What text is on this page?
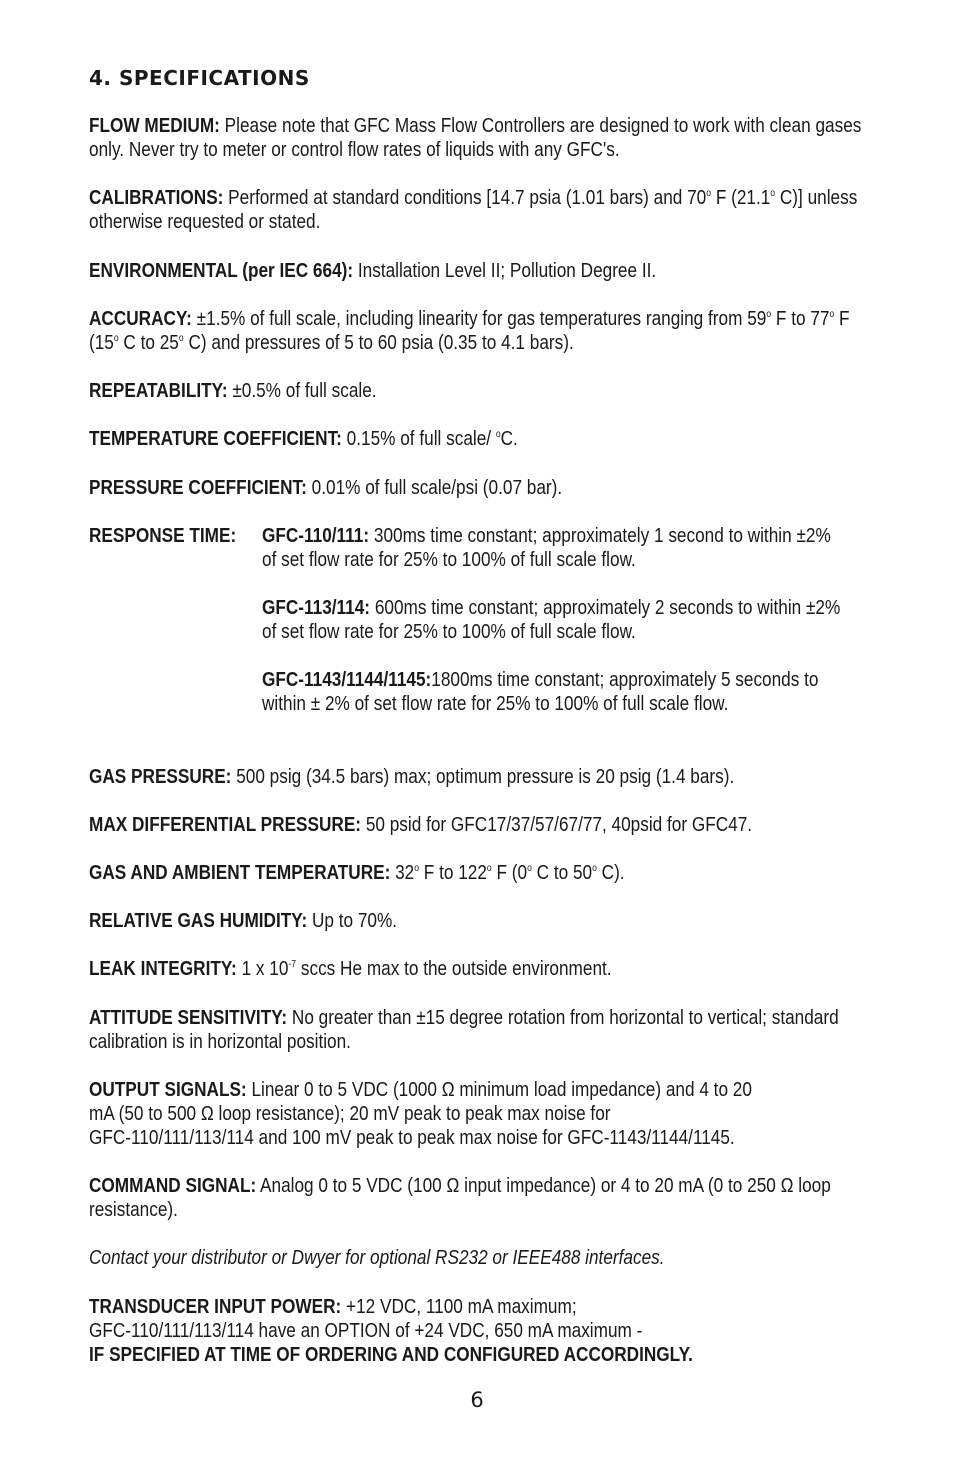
4. SPECIFICATIONS
FLOW MEDIUM: Please note that GFC Mass Flow Controllers are designed to work with clean gases only. Never try to meter or control flow rates of liquids with any GFC's.
CALIBRATIONS: Performed at standard conditions [14.7 psia (1.01 bars) and 70$^o$ F (21.1$^o$ C)] unless otherwise requested or stated.
ENVIRONMENTAL (per IEC 664): Installation Level II; Pollution Degree II.
ACCURACY: ±1.5% of full scale, including linearity for gas temperatures ranging from 59$^o$ F to 77$^o$ F (15$^o$ C to 25$^o$ C) and pressures of 5 to 60 psia (0.35 to 4.1 bars).
REPEATABILITY: ±0.5% of full scale.
TEMPERATURE COEFFICIENT: 0.15% of full scale/ $^o$C.
PRESSURE COEFFICIENT: 0.01% of full scale/psi (0.07 bar).
RESPONSE TIME: GFC-110/111: 300ms time constant; approximately 1 second to within ±2% of set flow rate for 25% to 100% of full scale flow.
GFC-113/114: 600ms time constant; approximately 2 seconds to within ±2% of set flow rate for 25% to 100% of full scale flow.
GFC-1143/1144/1145:1800ms time constant; approximately 5 seconds to within ± 2% of set flow rate for 25% to 100% of full scale flow.
GAS PRESSURE: 500 psig (34.5 bars) max; optimum pressure is 20 psig (1.4 bars).
MAX DIFFERENTIAL PRESSURE: 50 psid for GFC17/37/57/67/77, 40psid for GFC47.
GAS AND AMBIENT TEMPERATURE: 32$^o$ F to 122$^o$ F (0$^o$ C to 50$^o$ C).
RELATIVE GAS HUMIDITY: Up to 70%.
LEAK INTEGRITY: 1 x $10^{-7}$ sccs He max to the outside environment.
ATTITUDE SENSITIVITY: No greater than ±15 degree rotation from horizontal to vertical; standard calibration is in horizontal position.
OUTPUT SIGNALS: Linear 0 to 5 VDC (1000 Ω minimum load impedance) and 4 to 20
mA (50 to 500 Ω loop resistance); 20 mV peak to peak max noise for
GFC-110/111/113/114 and 100 mV peak to peak max noise for GFC-1143/1144/1145.
COMMAND SIGNAL: Analog 0 to 5 VDC (100 Ω input impedance) or 4 to 20 mA (0 to 250 Ω loop resistance).
Contact your distributor or Dwyer for optional RS232 or IEEE488 interfaces.
TRANSDUCER INPUT POWER: +12 VDC, 1100 mA maximum;
GFC-110/111/113/114 have an OPTION of +24 VDC, 650 mA maximum -
IF SPECIFIED AT TIME OF ORDERING AND CONFIGURED ACCORDINGLY.
6
